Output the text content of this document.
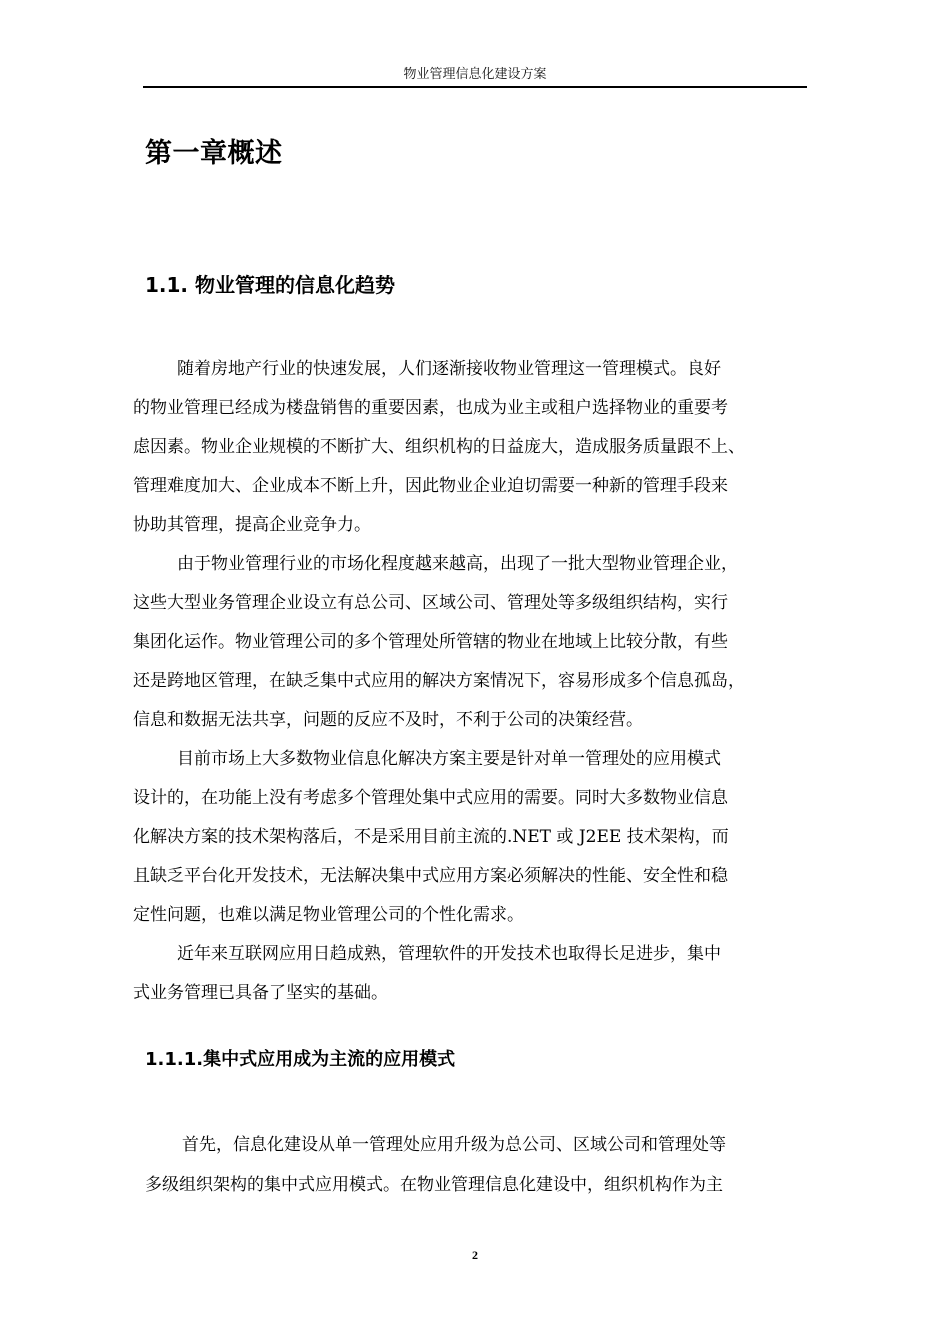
物业管理信息化建设方案
第一章概述
1.1. 物业管理的信息化趋势

随着房地产行业的快速发展，人们逐渐接收物业管理这一管理模式。良好

的物业管理已经成为楼盘销售的重要因素，也成为业主或租户选择物业的重要考

虑因素。物业企业规模的不断扩大、组织机构的日益庞大，造成服务质量跟不上、

管理难度加大、企业成本不断上升，因此物业企业迫切需要一种新的管理手段来

协助其管理，提高企业竞争力。

由于物业管理行业的市场化程度越来越高，出现了一批大型物业管理企业，

这些大型业务管理企业设立有总公司、区域公司、管理处等多级组织结构，实行

集团化运作。物业管理公司的多个管理处所管辖的物业在地域上比较分散，有些

还是跨地区管理，在缺乏集中式应用的解决方案情况下，容易形成多个信息孤岛，

信息和数据无法共享，问题的反应不及时，不利于公司的决策经营。

目前市场上大多数物业信息化解决方案主要是针对单一管理处的应用模式

设计的，在功能上没有考虑多个管理处集中式应用的需要。同时大多数物业信息

化解决方案的技术架构落后，不是采用目前主流的.NET 或 J2EE 技术架构，而

且缺乏平台化开发技术，无法解决集中式应用方案必须解决的性能、安全性和稳

定性问题，也难以满足物业管理公司的个性化需求。

近年来互联网应用日趋成熟，管理软件的开发技术也取得长足进步，集中

式业务管理已具备了坚实的基础。

1.1.1.集中式应用成为主流的应用模式

首先，信息化建设从单一管理处应用升级为总公司、区域公司和管理处等

多级组织架构的集中式应用模式。在物业管理信息化建设中，组织机构作为主

2
